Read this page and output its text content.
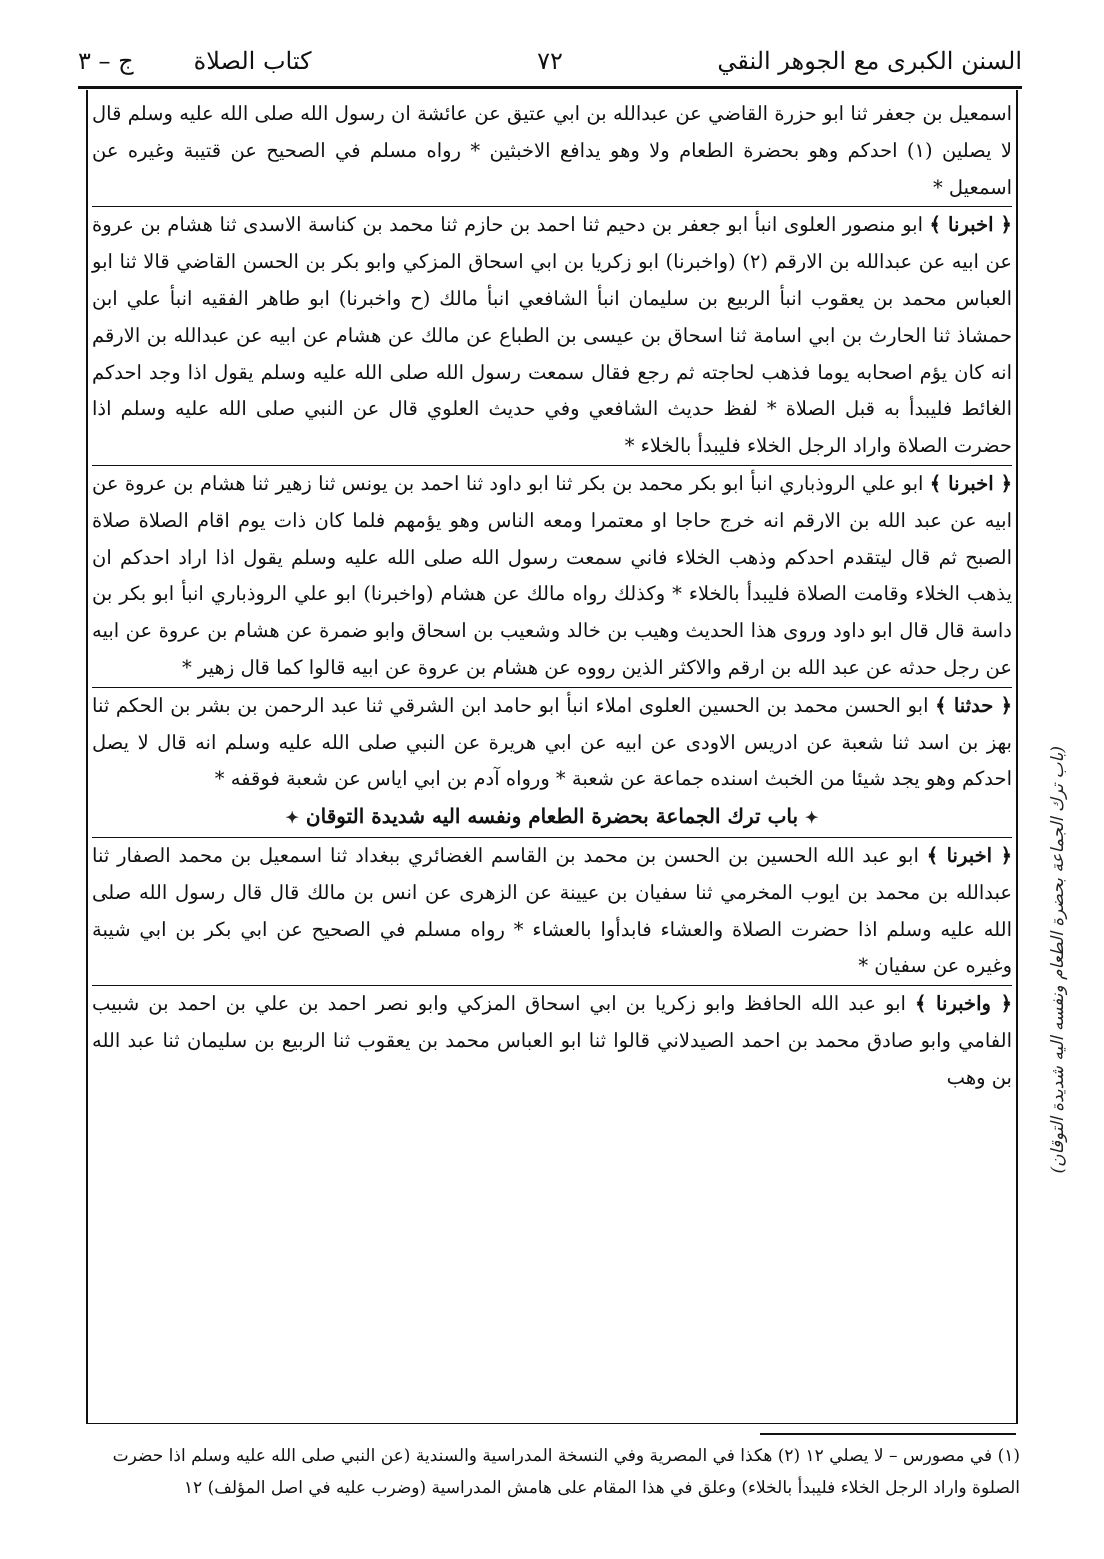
السنن الكبرى مع الجوهر النقي
٧٢
كتاب الصلاة
ج – ٣

اسمعيل بن جعفر ثنا ابو حزرة القاضي عن عبدالله بن ابي عتيق عن عائشة ان رسول الله صلى الله عليه وسلم قال لا يصلين (١) احدكم وهو بحضرة الطعام ولا وهو يدافع الاخبثين * رواه مسلم في الصحيح عن قتيبة وغيره عن اسمعيل *

﴿ اخبرنا ﴾ ابو منصور العلوى انبأ ابو جعفر بن دحيم ثنا احمد بن حازم ثنا محمد بن كناسة الاسدى ثنا هشام بن عروة عن ابيه عن عبدالله بن الارقم (٢) (واخبرنا) ابو زكريا بن ابي اسحاق المزكي وابو بكر بن الحسن القاضي قالا ثنا ابو العباس محمد بن يعقوب انبأ الربيع بن سليمان انبأ الشافعي انبأ مالك (ح واخبرنا) ابو طاهر الفقيه انبأ علي ابن حمشاذ ثنا الحارث بن ابي اسامة ثنا اسحاق بن عيسى بن الطباع عن مالك عن هشام عن ابيه عن عبدالله بن الارقم انه كان يؤم اصحابه يوما فذهب لحاجته ثم رجع فقال سمعت رسول الله صلى الله عليه وسلم يقول اذا وجد احدكم الغائط فليبدأ به قبل الصلاة * لفظ حديث الشافعي وفي حديث العلوي قال عن النبي صلى الله عليه وسلم اذا حضرت الصلاة واراد الرجل الخلاء فليبدأ بالخلاء *

﴿ اخبرنا ﴾ ابو علي الروذباري انبأ ابو بكر محمد بن بكر ثنا ابو داود ثنا احمد بن يونس ثنا زهير ثنا هشام بن عروة عن ابيه عن عبد الله بن الارقم انه خرج حاجا او معتمرا ومعه الناس وهو يؤمهم فلما كان ذات يوم اقام الصلاة صلاة الصبح ثم قال ليتقدم احدكم وذهب الخلاء فاني سمعت رسول الله صلى الله عليه وسلم يقول اذا اراد احدكم ان يذهب الخلاء وقامت الصلاة فليبدأ بالخلاء * وكذلك رواه مالك عن هشام (واخبرنا) ابو علي الروذباري انبأ ابو بكر بن داسة قال قال ابو داود وروى هذا الحديث وهيب بن خالد وشعيب بن اسحاق وابو ضمرة عن هشام بن عروة عن ابيه عن رجل حدثه عن عبد الله بن ارقم والاكثر الذين رووه عن هشام بن عروة عن ابيه قالوا كما قال زهير *

﴿ حدثنا ﴾ ابو الحسن محمد بن الحسين العلوى املاء انبأ ابو حامد ابن الشرقي ثنا عبد الرحمن بن بشر بن الحكم ثنا بهز بن اسد ثنا شعبة عن ادريس الاودى عن ابيه عن ابي هريرة عن النبي صلى الله عليه وسلم انه قال لا يصل احدكم وهو يجد شيئا من الخبث اسنده جماعة عن شعبة * ورواه آدم بن ابي اياس عن شعبة فوقفه *

✦ باب ترك الجماعة بحضرة الطعام ونفسه اليه شديدة التوقان ✦

﴿ اخبرنا ﴾ ابو عبد الله الحسين بن الحسن بن محمد بن القاسم الغضائري ببغداد ثنا اسمعيل بن محمد الصفار ثنا عبدالله بن محمد بن ايوب المخرمي ثنا سفيان بن عيينة عن الزهرى عن انس بن مالك قال قال رسول الله صلى الله عليه وسلم اذا حضرت الصلاة والعشاء فابدأوا بالعشاء * رواه مسلم في الصحيح عن ابي بكر بن ابي شيبة وغيره عن سفيان *

﴿ واخبرنا ﴾ ابو عبد الله الحافظ وابو زكريا بن ابي اسحاق المزكي وابو نصر احمد بن علي بن احمد بن شبيب الفامي وابو صادق محمد بن احمد الصيدلاني قالوا ثنا ابو العباس محمد بن يعقوب ثنا الربيع بن سليمان ثنا عبد الله بن وهب (باب ترك الجماعة بحضرة الطعام ونفسه اليه شديدة التوقان)

(١) في مصورس – لا يصلي ١٢ (٢) هكذا في المصرية وفي النسخة المدراسية والسندية (عن النبي صلى الله عليه وسلم اذا حضرت

الصلوة واراد الرجل الخلاء فليبدأ بالخلاء) وعلق في هذا المقام على هامش المدراسية (وضرب عليه في اصل المؤلف) ١٢
